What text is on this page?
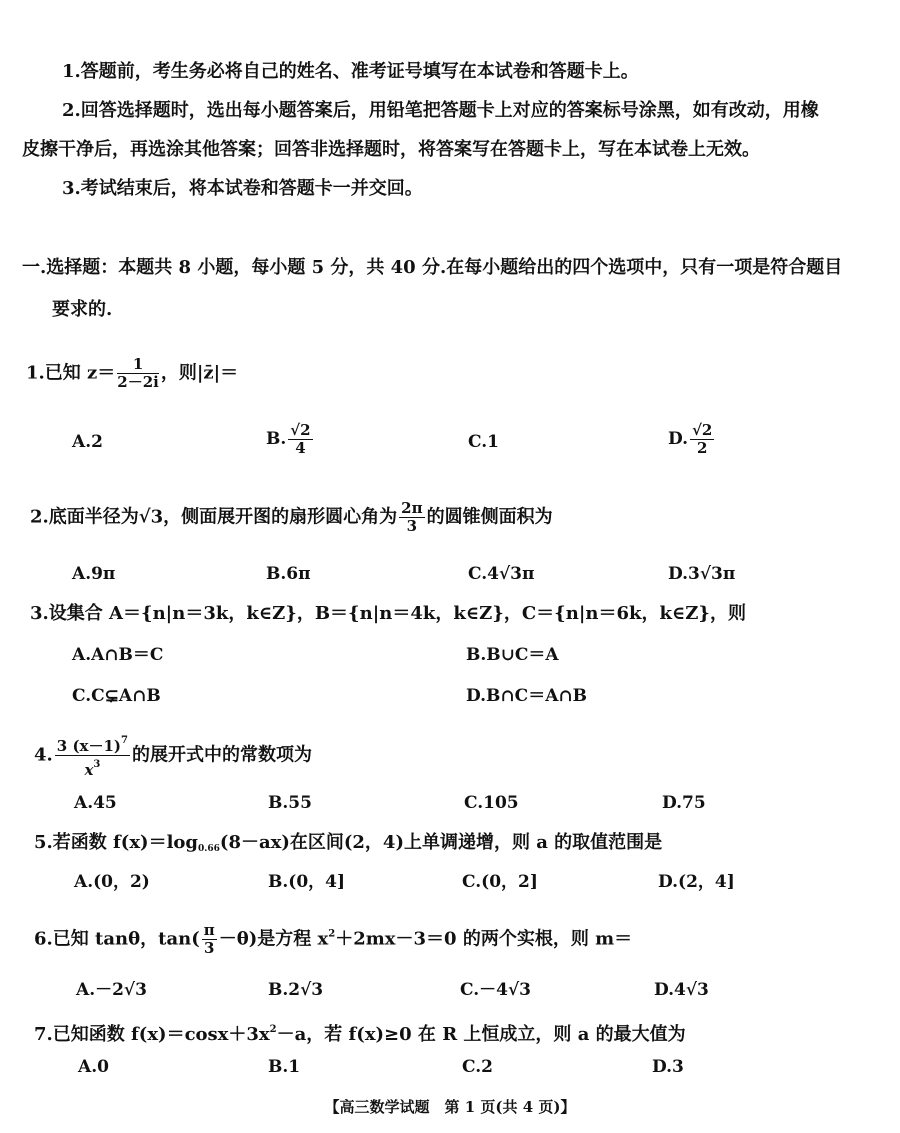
1.答题前，考生务必将自己的姓名、准考证号填写在本试卷和答题卡上。
2.回答选择题时，选出每小题答案后，用铅笔把答题卡上对应的答案标号涂黑，如有改动，用橡
皮擦干净后，再选涂其他答案；回答非选择题时，将答案写在答题卡上，写在本试卷上无效。
3.考试结束后，将本试卷和答题卡一并交回。
一.选择题：本题共 8 小题，每小题 5 分，共 40 分.在每小题给出的四个选项中，只有一项是符合题目
要求的.
1.已知 $z= \frac{1}{2-2i}$ ，则|z̄|＝
A.2	B. $\frac{√2}{4}$	C.1	D. $\frac{√2}{2}$
2.底面半径为√3，侧面展开图的扇形圆心角为 $\frac{2\pi}{3}$ 的圆锥侧面积为
A.9π	B.6π	C.4√3π	D.3√3π
3.设集合 A＝{n|n＝3k，k∈Z}，B＝{n|n＝4k，k∈Z}，C＝{n|n＝6k，k∈Z}，则
A.A∩B＝C	B.B∪C＝A
C.C⊊A∩B	D.B∩C＝A∩B
4. $\frac{3 (x-1)^7}{x^3}$ 的展开式中的常数项为
A.45	B.55	C.105	D.75
5.若函数 $f(x)=\log_{0.66}(8-ax)$在区间(2，4)上单调递增，则 a 的取值范围是
A.(0，2)	B.(0，4]	C.(0，2]	D.(2，4]
6.已知 tanθ，$\tan( \frac{\pi}{3} -\theta)$是方程 $x^2+2mx-3=0$ 的两个实根，则 m＝
A.－2√3	B.2√3	C.－4√3	D.4√3
7.已知函数 $f(x)=\cos x+3x^2-a$，若 f(x)≥0 在 R 上恒成立，则 a 的最大值为
A.0	B.1	C.2	D.3
【高三数学试题　第 1 页(共 4 页)】
